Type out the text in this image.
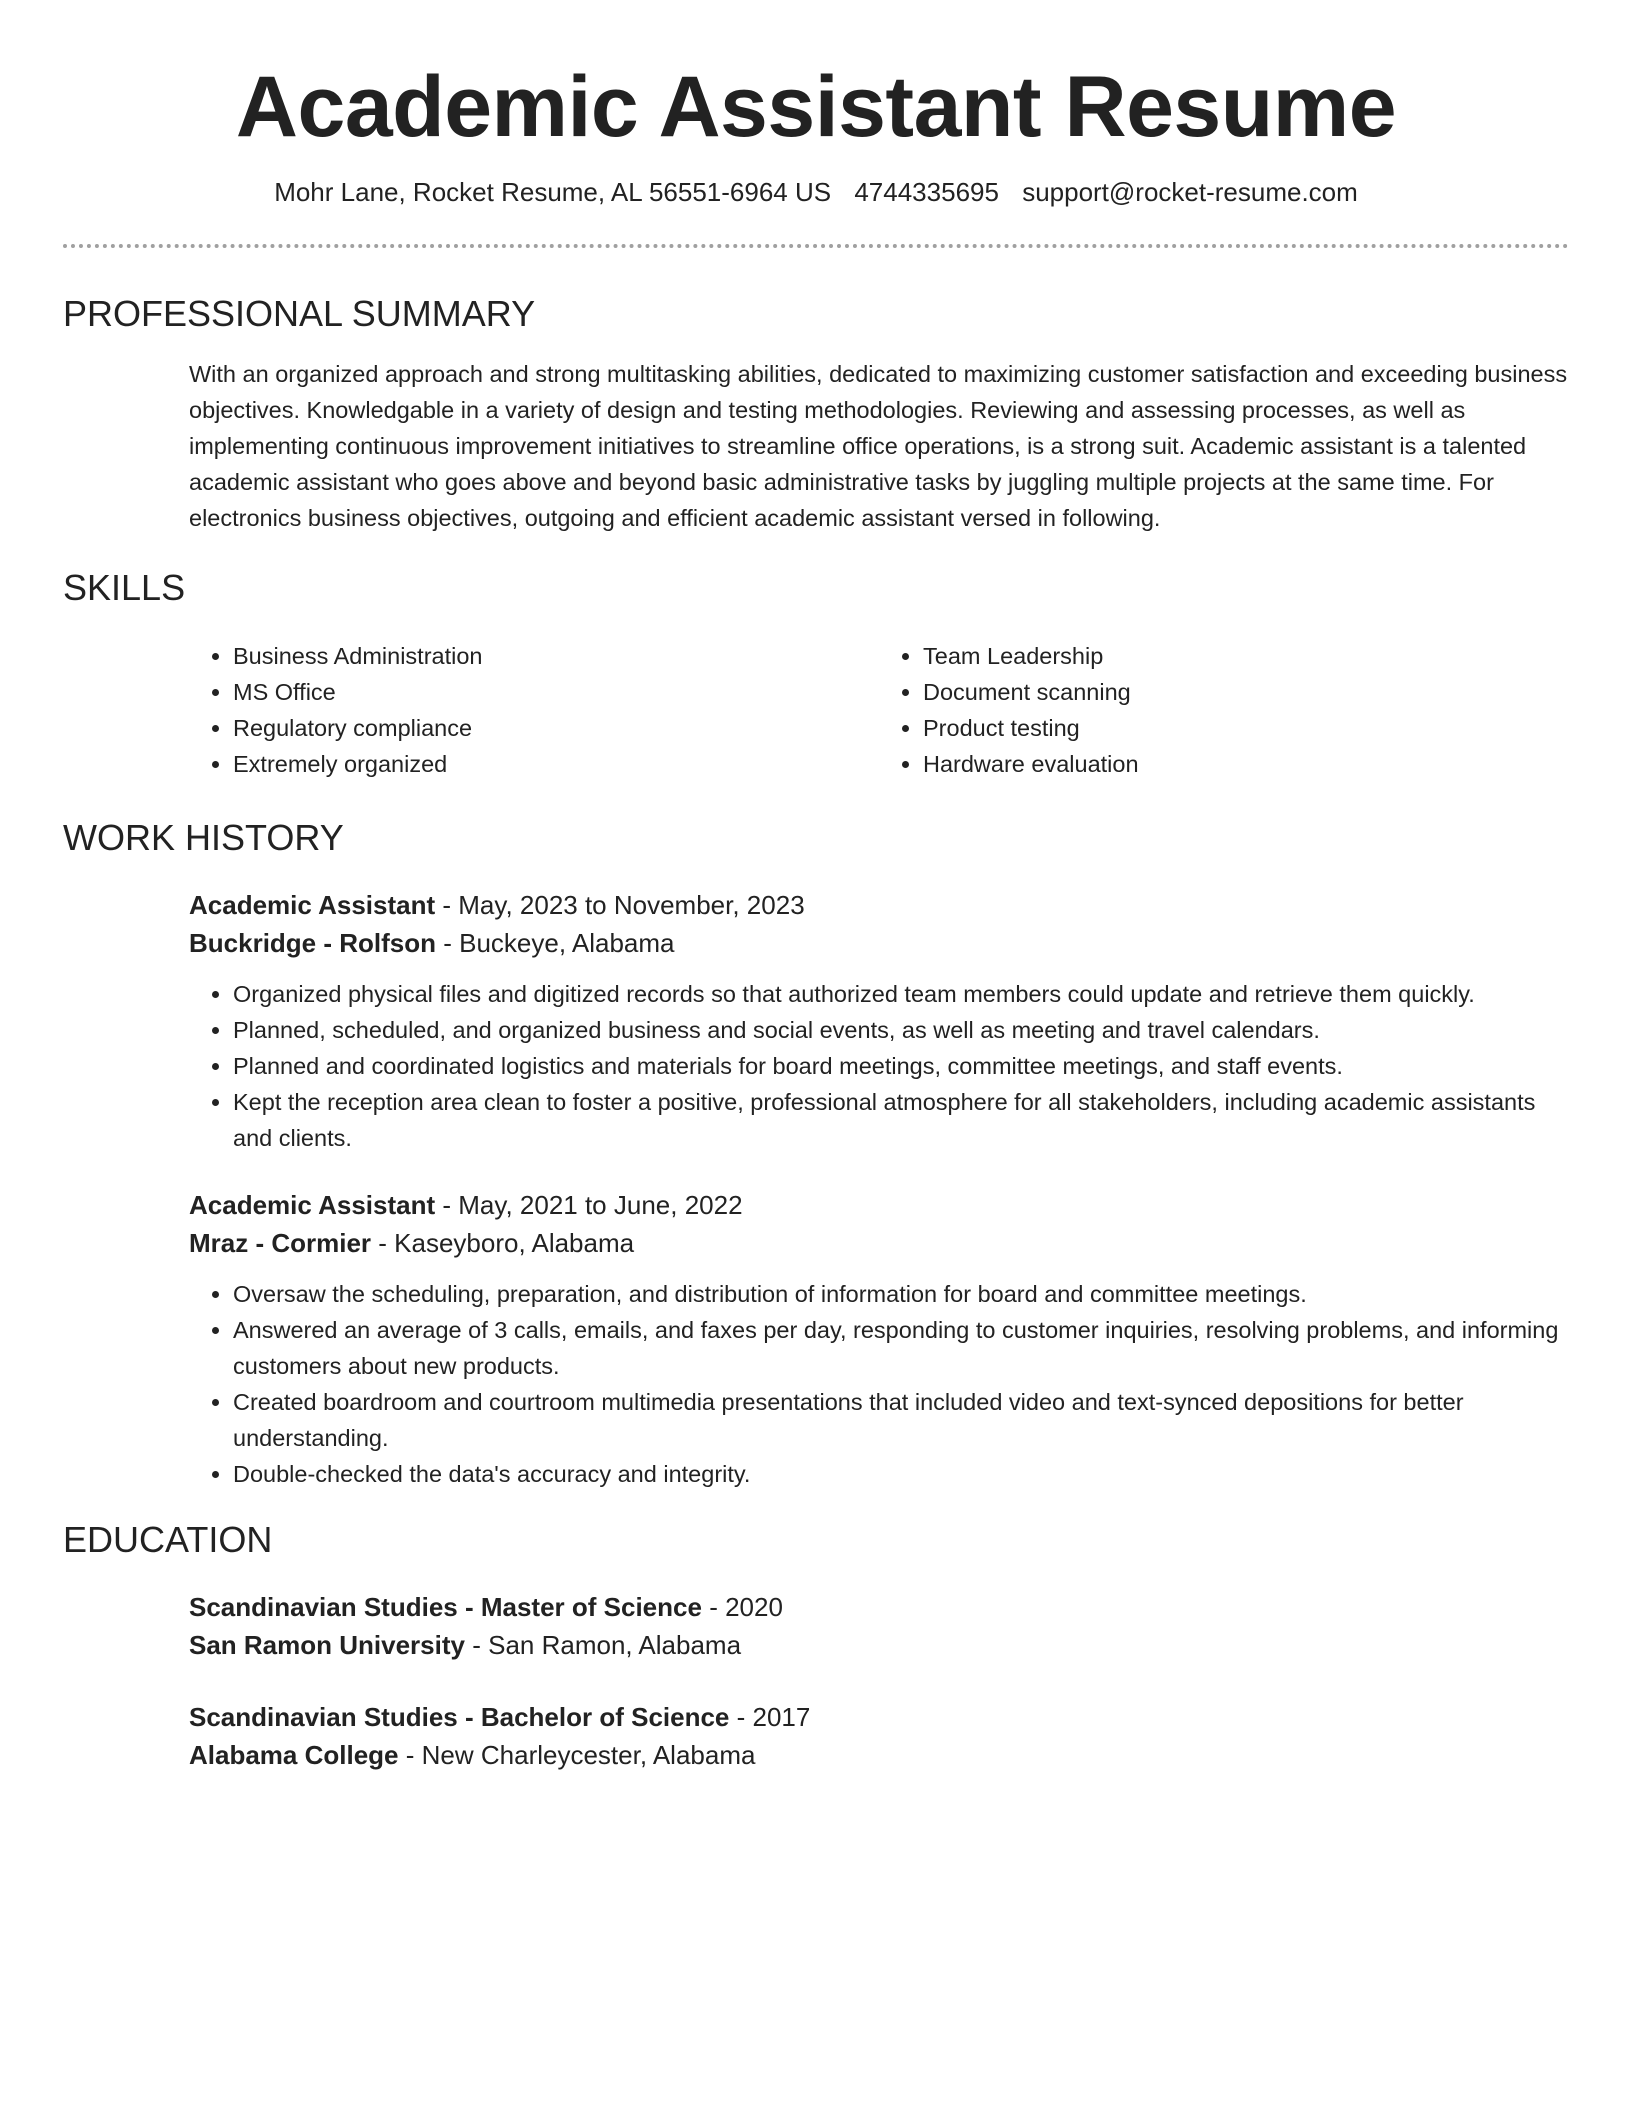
Academic Assistant Resume
Mohr Lane, Rocket Resume, AL 56551-6964 US 4744335695 support@rocket-resume.com
PROFESSIONAL SUMMARY

With an organized approach and strong multitasking abilities, dedicated to maximizing customer satisfaction and exceeding business objectives. Knowledgable in a variety of design and testing methodologies. Reviewing and assessing processes, as well as implementing continuous improvement initiatives to streamline office operations, is a strong suit. Academic assistant is a talented academic assistant who goes above and beyond basic administrative tasks by juggling multiple projects at the same time. For electronics business objectives, outgoing and efficient academic assistant versed in following.

SKILLS
• Business Administration
• MS Office
• Regulatory compliance
• Extremely organized
• Team Leadership
• Document scanning
• Product testing
• Hardware evaluation
WORK HISTORY
Academic Assistant - May, 2023 to November, 2023
Buckridge - Rolfson - Buckeye, Alabama
• Organized physical files and digitized records so that authorized team members could update and retrieve them quickly.
• Planned, scheduled, and organized business and social events, as well as meeting and travel calendars.
• Planned and coordinated logistics and materials for board meetings, committee meetings, and staff events.
• Kept the reception area clean to foster a positive, professional atmosphere for all stakeholders, including academic assistants and clients.
Academic Assistant - May, 2021 to June, 2022
Mraz - Cormier - Kaseyboro, Alabama
• Oversaw the scheduling, preparation, and distribution of information for board and committee meetings.
• Answered an average of 3 calls, emails, and faxes per day, responding to customer inquiries, resolving problems, and informing customers about new products.
• Created boardroom and courtroom multimedia presentations that included video and text-synced depositions for better understanding.
• Double-checked the data's accuracy and integrity.
EDUCATION
Scandinavian Studies - Master of Science - 2020
San Ramon University - San Ramon, Alabama
Scandinavian Studies - Bachelor of Science - 2017
Alabama College - New Charleycester, Alabama
